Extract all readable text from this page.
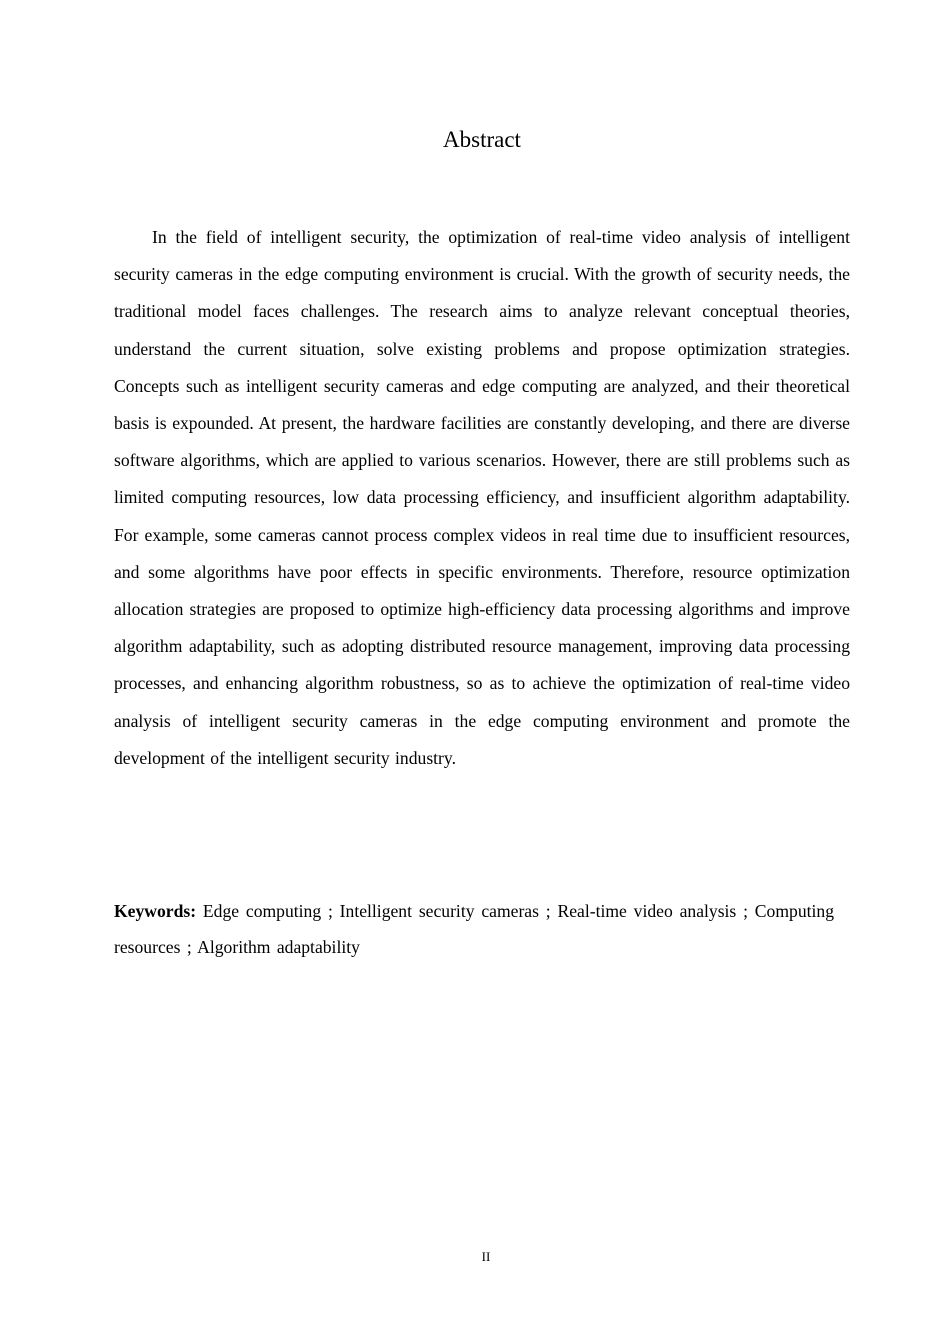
Abstract

In the field of intelligent security, the optimization of real-time video analysis of intelligent security cameras in the edge computing environment is crucial. With the growth of security needs, the traditional model faces challenges. The research aims to analyze relevant conceptual theories, understand the current situation, solve existing problems and propose optimization strategies. Concepts such as intelligent security cameras and edge computing are analyzed, and their theoretical basis is expounded. At present, the hardware facilities are constantly developing, and there are diverse software algorithms, which are applied to various scenarios. However, there are still problems such as limited computing resources, low data processing efficiency, and insufficient algorithm adaptability. For example, some cameras cannot process complex videos in real time due to insufficient resources, and some algorithms have poor effects in specific environments. Therefore, resource optimization allocation strategies are proposed to optimize high-efficiency data processing algorithms and improve algorithm adaptability, such as adopting distributed resource management, improving data processing processes, and enhancing algorithm robustness, so as to achieve the optimization of real-time video analysis of intelligent security cameras in the edge computing environment and promote the development of the intelligent security industry.

Keywords: Edge computing ; Intelligent security cameras ; Real-time video analysis ; Computing resources ; Algorithm adaptability

II
